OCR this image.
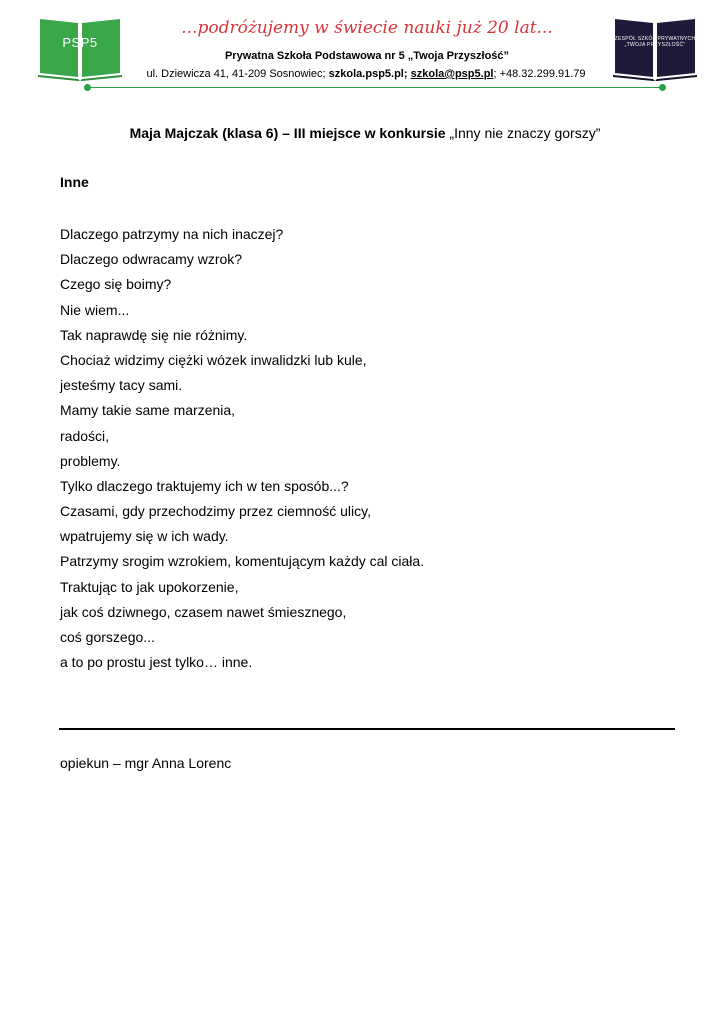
PSP5
...podróżujemy w świecie nauki już 20 lat...
Prywatna Szkoła Podstawowa nr 5 „Twoja Przyszłość”
ul. Dziewicza 41, 41-209 Sosnowiec; szkola.psp5.pl; szkola@psp5.pl; +48.32.299.91.79
ZESPÓŁ SZKÓŁ PRYWATNYCH „TWOJA PRZYSZŁOŚĆ”
Maja Majczak (klasa 6) – III miejsce w konkursie „Inny nie znaczy gorszy”
Inne
Dlaczego patrzymy na nich inaczej?
Dlaczego odwracamy wzrok?
Czego się boimy?
Nie wiem...
Tak naprawdę się nie różnimy.
Chociaż widzimy ciężki wózek inwalidzki lub kule,
jesteśmy tacy sami.
Mamy takie same marzenia,
radości,
problemy.
Tylko dlaczego traktujemy ich w ten sposób...?
Czasami, gdy przechodzimy przez ciemność ulicy,
wpatrujemy się w ich wady.
Patrzymy srogim wzrokiem, komentującym każdy cal ciała.
Traktując to jak upokorzenie,
jak coś dziwnego, czasem nawet śmiesznego,
coś gorszego...
a to po prostu jest tylko… inne.
opiekun – mgr Anna Lorenc
